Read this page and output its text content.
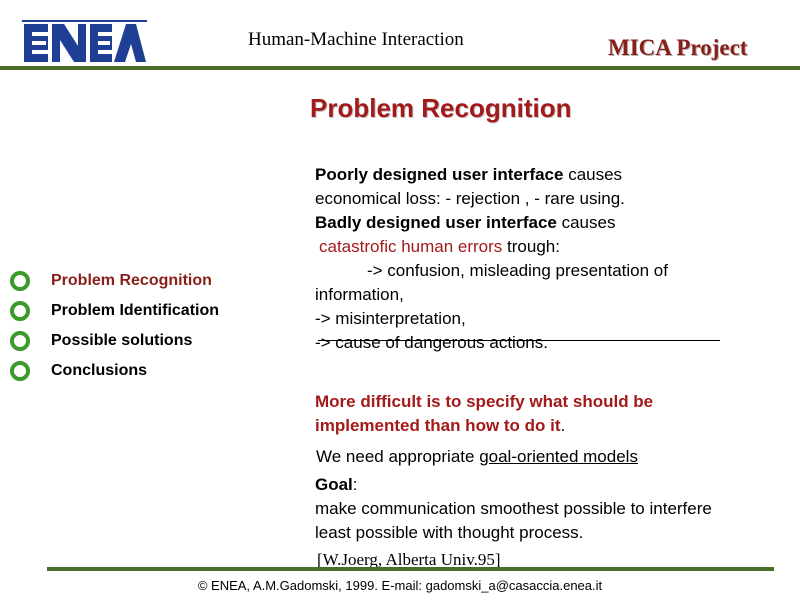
Human-Machine Interaction	MICA Project
Problem Recognition
Problem Recognition
Problem Identification
Possible solutions
Conclusions
Poorly designed user interface causes
economical loss: - rejection , - rare using.
Badly designed user interface causes
catastrofic human errors trough:
-> confusion, misleading presentation of
information,
-> misinterpretation,
-> cause of dangerous actions.
More difficult is to specify what should be
implemented than how to do it.
We need appropriate goal-oriented models
Goal:
make communication smoothest possible to interfere
least possible with thought process.
[W.Joerg, Alberta Univ.95]
© ENEA, A.M.Gadomski, 1999. E-mail: gadomski_a@casaccia.enea.it
